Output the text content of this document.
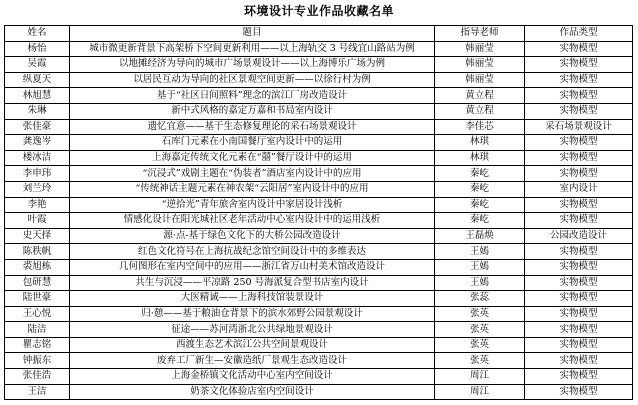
环境设计专业作品收藏名单
姓名	题目	指导老师	作品类型
杨怡	城市微更新背景下高架桥下空间更新利用——以上海轨交 3 号线宜山路站为例	韩丽莹	实物模型
吴霞	以地摊经济为导向的城市广场景观设计——以上海博乐广场为例	韩丽莹	实物模型
纵夏天	以居民互动为导向的社区景观空间更新——以徐行村为例	韩丽莹	实物模型
林旭慧	基于“社区日间照料”理念的滨江厂房改造设计	黄立程	实物模型
朱琳	新中式风格的嘉定万嘉和书局室内设计	黄立程	实物模型
张佳豪	遗忆宜意——基于生态修复理论的采石场景观设计	李佳芯	采石场景观设计
龚逸岑	石库门元素在小南国餐厅室内设计中的运用	林琪	实物模型
楼冰洁	上海嘉定传统文化元素在“囍”餐厅设计中的运用	林琪	实物模型
李申玮	“沉浸式”戏剧主题在“伪装者”酒店室内设计中的应用	秦屹	实物模型
刘兰玲	“传统神话主题元素在神农架“云阳居”室内设计中的应用	秦屹	室内设计
李艳	“逆拾光”青年旅舍室内设计中家居设计浅析	秦屹	实物模型
叶霞	情感化设计在阳光城社区老年活动中心室内设计中的运用浅析	秦屹	实物模型
史天择	源·点-基于绿色文化下的大桥公园改造设计	王磊焕	公园改造设计
陈秩帆	红色文化符号在上海抗战纪念馆空间设计中的多维表达	王嫣	实物模型
裘旭栋	几何图形在室内空间中的应用——浙江省万山村美术馆改造设计	王嫣	实物模型
包研慧	共生与沉浸——平凉路 250 号海派复合型书店室内设计	王嫣	实物模型
陆世豪	大医精诚——上海科技馆装景设计	张蕊	实物模型
王心悦	归·憩——基于粮油仓背景下的滨水郊野公园景观设计	张英	实物模型
陆洁	征途——苏河湾浙北公共绿地景观设计	张英	实物模型
瞿志铭	西渡生态艺术滨江公共空间景观设计	张英	实物模型
钟振东	废弃工厂新生—安徽造纸厂景观生态改造设计	张英	实物模型
张佳浩	上海金桥镇文化活动中心室内空间设计	周江	实物模型
王洁	奶茶文化体验店室内空间设计	周江	实物模型
